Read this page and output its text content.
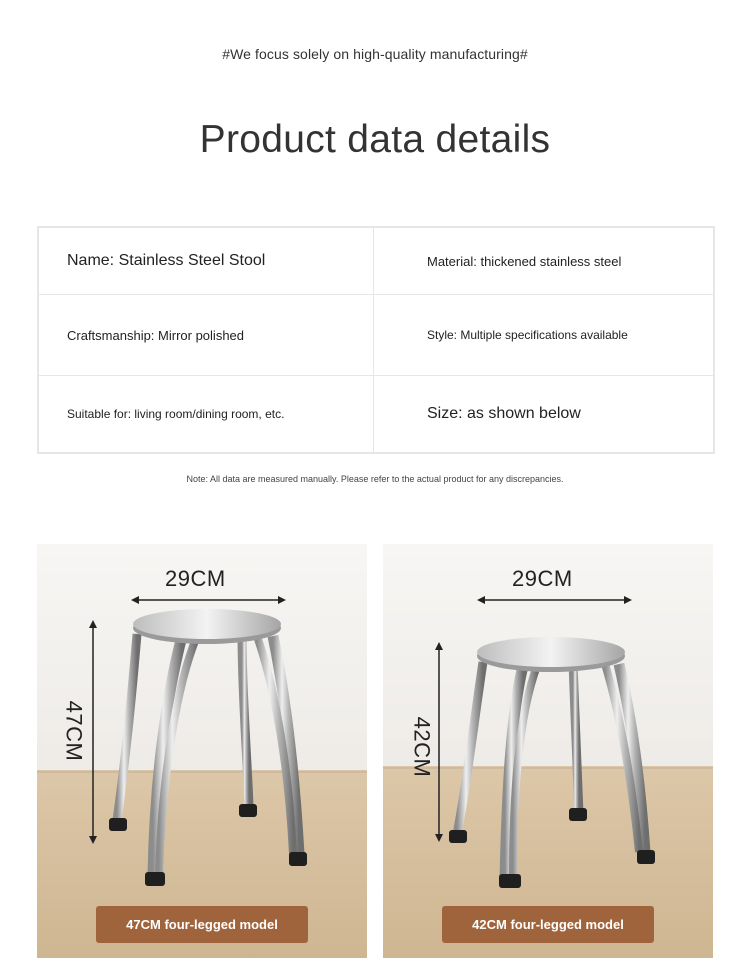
#We focus solely on high-quality manufacturing#
Product data details
Name: Stainless Steel Stool	Material: thickened stainless steel
Craftsmanship: Mirror polished	Style: Multiple specifications available
Suitable for: living room/dining room, etc.	Size: as shown below
Note: All data are measured manually. Please refer to the actual product for any discrepancies.
29CM
47CM
47CM four-legged model
29CM
42CM
42CM four-legged model
